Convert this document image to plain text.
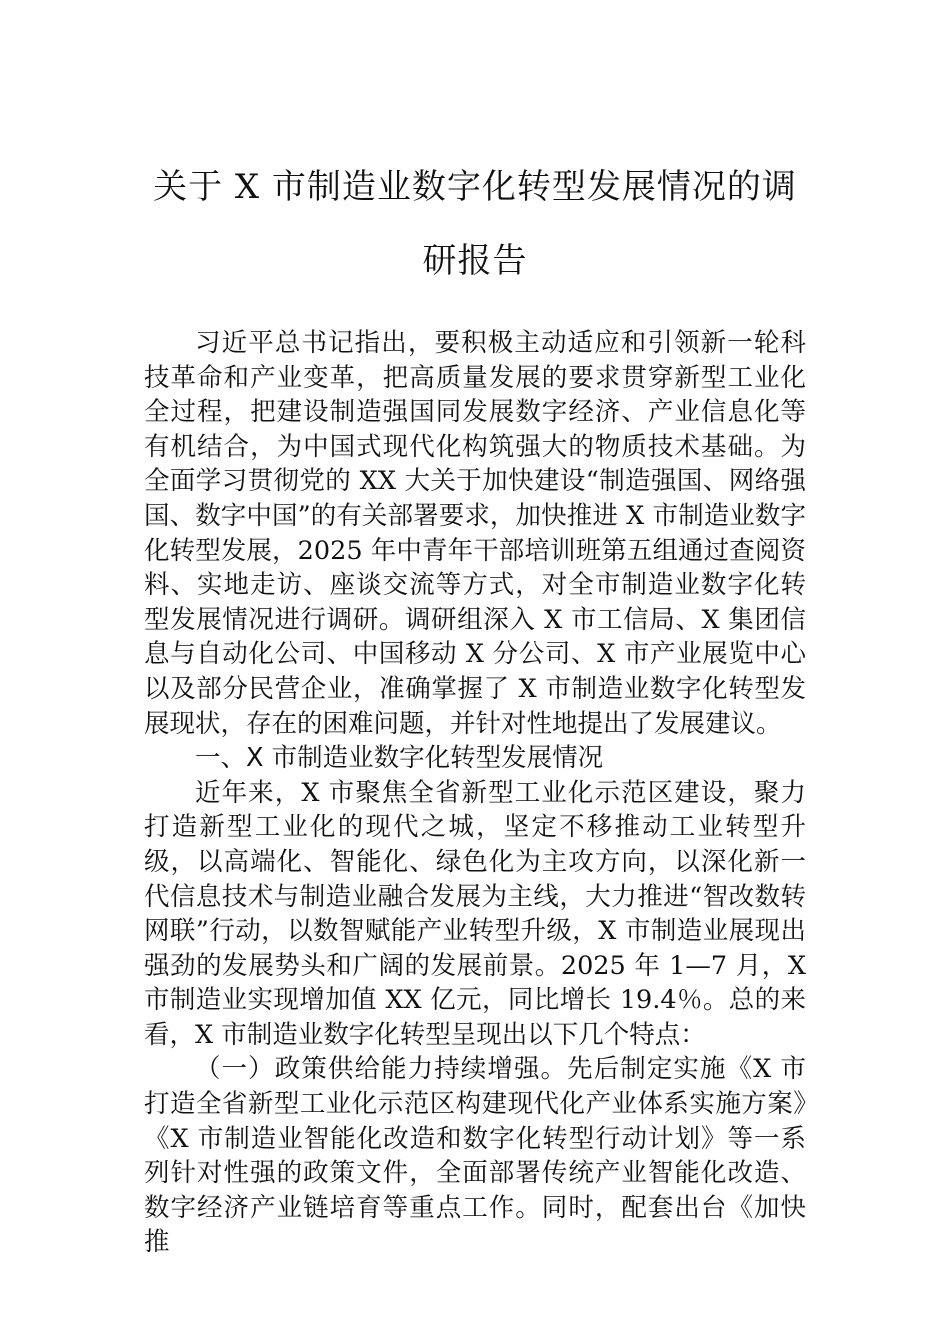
关于 X 市制造业数字化转型发展情况的调
研报告

习近平总书记指出，要积极主动适应和引领新一轮科技革命和产业变革，把高质量发展的要求贯穿新型工业化全过程，把建设制造强国同发展数字经济、产业信息化等有机结合，为中国式现代化构筑强大的物质技术基础。为全面学习贯彻党的 XX 大关于加快建设“制造强国、网络强国、数字中国”的有关部署要求，加快推进 X 市制造业数字化转型发展，2025 年中青年干部培训班第五组通过查阅资料、实地走访、座谈交流等方式，对全市制造业数字化转型发展情况进行调研。调研组深入 X 市工信局、X 集团信息与自动化公司、中国移动 X 分公司、X 市产业展览中心以及部分民营企业，准确掌握了 X 市制造业数字化转型发展现状，存在的困难问题，并针对性地提出了发展建议。

一、X 市制造业数字化转型发展情况

近年来，X 市聚焦全省新型工业化示范区建设，聚力打造新型工业化的现代之城，坚定不移推动工业转型升级，以高端化、智能化、绿色化为主攻方向，以深化新一代信息技术与制造业融合发展为主线，大力推进“智改数转网联”行动，以数智赋能产业转型升级，X 市制造业展现出强劲的发展势头和广阔的发展前景。2025 年 1—7 月，X 市制造业实现增加值 XX 亿元，同比增长 19.4％。总的来看，X 市制造业数字化转型呈现出以下几个特点：

（一）政策供给能力持续增强。先后制定实施《X 市打造全省新型工业化示范区构建现代化产业体系实施方案》《X 市制造业智能化改造和数字化转型行动计划》等一系列针对性强的政策文件，全面部署传统产业智能化改造、数字经济产业链培育等重点工作。同时，配套出台《加快推
